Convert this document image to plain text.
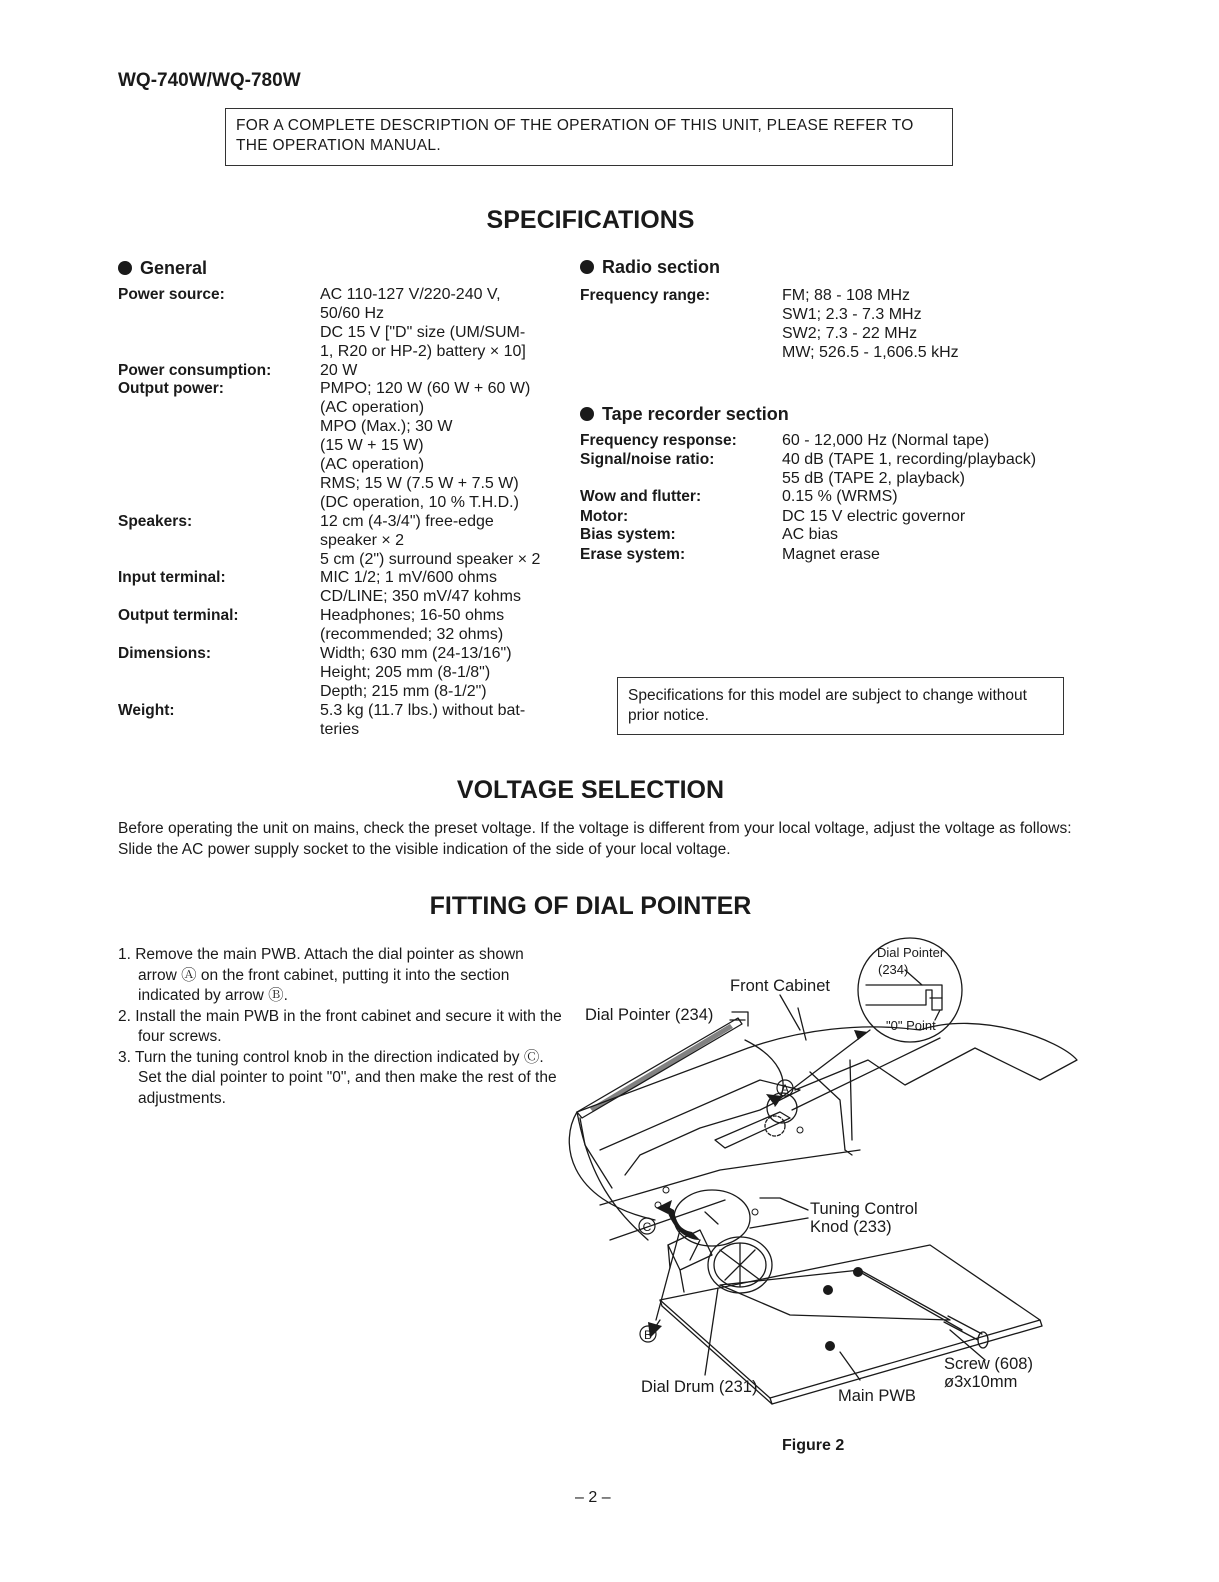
WQ-740W/WQ-780W
FOR A COMPLETE DESCRIPTION OF THE OPERATION OF THIS UNIT, PLEASE REFER TO THE OPERATION MANUAL.
SPECIFICATIONS
General
Power source:	AC 110-127 V/220-240 V,
50/60 Hz
DC 15 V ["D" size (UM/SUM-
1, R20 or HP-2) battery × 10]
Power consumption:	20 W
Output power:	PMPO; 120 W (60 W + 60 W)
(AC operation)
MPO (Max.); 30 W
(15 W + 15 W)
(AC operation)
RMS; 15 W (7.5 W + 7.5 W)
(DC operation, 10 % T.H.D.)
Speakers:	12 cm (4-3/4") free-edge
speaker × 2
5 cm (2") surround speaker × 2
Input terminal:	MIC 1/2; 1 mV/600 ohms
CD/LINE; 350 mV/47 kohms
Output terminal:	Headphones; 16-50 ohms
(recommended; 32 ohms)
Dimensions:	Width; 630 mm (24-13/16")
Height; 205 mm (8-1/8")
Depth; 215 mm (8-1/2")
Weight:	5.3 kg (11.7 lbs.) without bat-
teries
Radio section
Frequency range:	FM; 88 - 108 MHz
SW1; 2.3 - 7.3 MHz
SW2; 7.3 - 22 MHz
MW; 526.5 - 1,606.5 kHz
Tape recorder section
Frequency response:	60 - 12,000 Hz (Normal tape)
Signal/noise ratio:	40 dB (TAPE 1, recording/playback)
55 dB (TAPE 2, playback)
Wow and flutter:	0.15 % (WRMS)
Motor:	DC 15 V electric governor
Bias system:	AC bias
Erase system:	Magnet erase
Specifications for this model are subject to change without prior notice.
VOLTAGE SELECTION
Before operating the unit on mains, check the preset voltage. If the voltage is different from your local voltage, adjust the voltage as follows: Slide the AC power supply socket to the visible indication of the side of your local voltage.
FITTING OF DIAL POINTER
1. Remove the main PWB. Attach the dial pointer as shown arrow Ⓐ on the front cabinet, putting it into the section indicated by arrow Ⓑ.
2. Install the main PWB in the front cabinet and secure it with the four screws.
3. Turn the tuning control knob in the direction indicated by Ⓒ. Set the dial pointer to point "0", and then make the rest of the adjustments.
A
B
C
Dial Pointer
(234)
"0" Point
Front Cabinet
Dial Pointer (234)
Tuning Control
Knod (233)
Screw (608)
ø3x10mm
Dial Drum (231)	Main PWB
Figure 2
– 2 –
